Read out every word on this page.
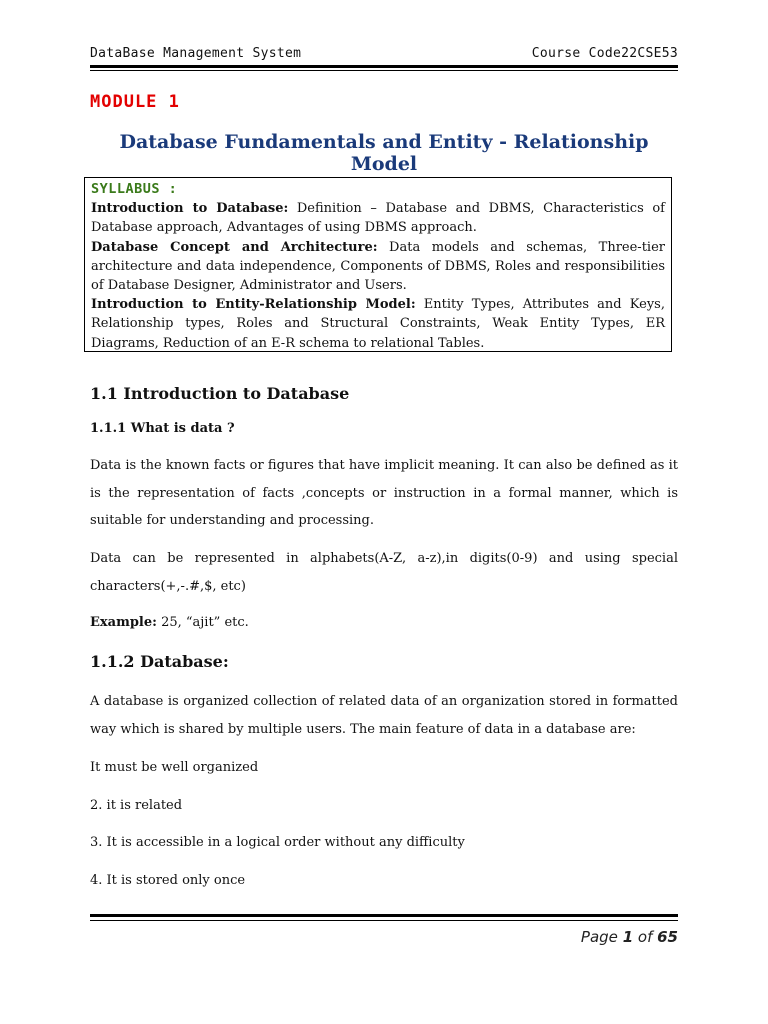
DataBase Management System	Course Code22CSE53
MODULE 1
Database Fundamentals and Entity - Relationship Model
SYLLABUS :

Introduction to Database: Definition – Database and DBMS, Characteristics of Database approach, Advantages of using DBMS approach.

Database Concept and Architecture: Data models and schemas, Three-tier architecture and data independence, Components of DBMS, Roles and responsibilities of Database Designer, Administrator and Users.

Introduction to Entity-Relationship Model: Entity Types, Attributes and Keys, Relationship types, Roles and Structural Constraints, Weak Entity Types, ER Diagrams, Reduction of an E-R schema to relational Tables.

1.1 Introduction to Database
1.1.1 What is data ?

Data is the known facts or figures that have implicit meaning. It can also be defined as it is the representation of facts ,concepts or instruction in a formal manner, which is suitable for understanding and processing.

Data can be represented in alphabets(A-Z, a-z),in digits(0-9) and using special characters(+,-.#,$, etc)

Example: 25, “ajit” etc.
1.1.2 Database:

A database is organized collection of related data of an organization stored in formatted way which is shared by multiple users. The main feature of data in a database are:

It must be well organized
2. it is related
3. It is accessible in a logical order without any difficulty
4. It is stored only once
Page 1 of 65
